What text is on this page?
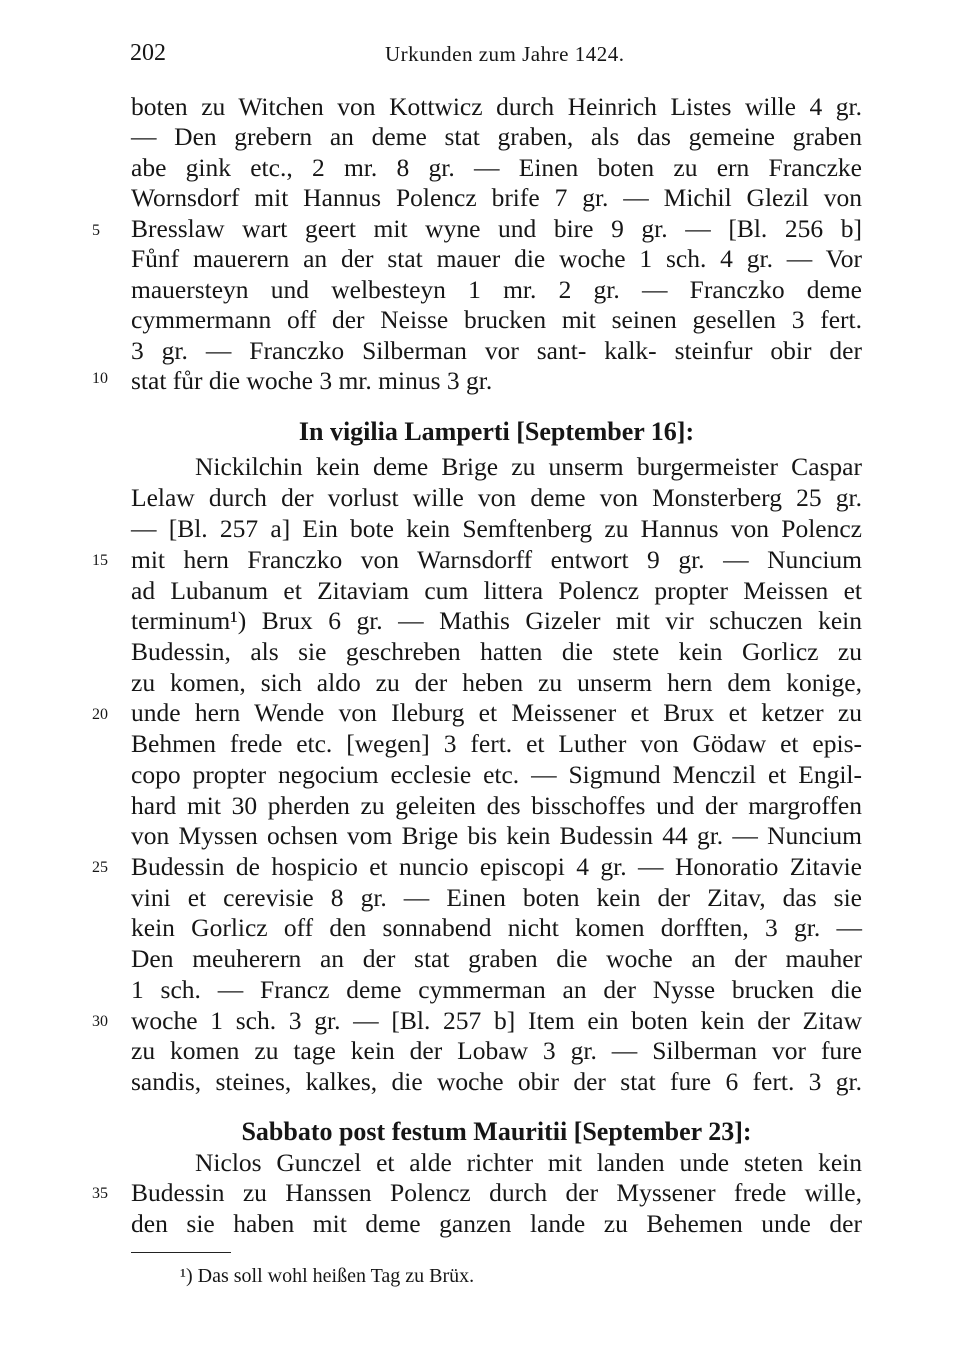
202	Urkunden zum Jahre 1424.
boten zu Witchen von Kottwicz durch Heinrich Listes wille 4 gr.
— Den grebern an deme stat graben, als das gemeine graben
abe gink etc., 2 mr. 8 gr. — Einen boten zu ern Franczke
Wornsdorf mit Hannus Polencz brife 7 gr. — Michil Glezil von
Bresslaw wart geert mit wyne und bire 9 gr. — [Bl. 256 b]
Fůnf mauerern an der stat mauer die woche 1 sch. 4 gr. — Vor
mauersteyn und welbesteyn 1 mr. 2 gr. — Franczko deme
cymmermann off der Neisse brucken mit seinen gesellen 3 fert.
3 gr. — Franczko Silberman vor sant- kalk- steinfur obir der
stat fůr die woche 3 mr. minus 3 gr.
In vigilia Lamperti [September 16]:
Nickilchin kein deme Brige zu unserm burgermeister Caspar
Lelaw durch der vorlust wille von deme von Monsterberg 25 gr.
— [Bl. 257 a] Ein bote kein Semftenberg zu Hannus von Polencz
mit hern Franczko von Warnsdorff entwort 9 gr. — Nuncium
ad Lubanum et Zitaviam cum littera Polencz propter Meissen et
terminum¹) Brux 6 gr. — Mathis Gizeler mit vir schuczen kein
Budessin, als sie geschreben hatten die stete kein Gorlicz zu
zu komen, sich aldo zu der heben zu unserm hern dem konige,
unde hern Wende von Ileburg et Meissener et Brux et ketzer zu
Behmen frede etc. [wegen] 3 fert. et Luther von Gödaw et epis-
copo propter negocium ecclesie etc. — Sigmund Menczil et Engil-
hard mit 30 pherden zu geleiten des bisschoffes und der margroffen
von Myssen ochsen vom Brige bis kein Budessin 44 gr. — Nuncium
Budessin de hospicio et nuncio episcopi 4 gr. — Honoratio Zitavie
vini et cerevisie 8 gr. — Einen boten kein der Zitav, das sie
kein Gorlicz off den sonnabend nicht komen dorfften, 3 gr. —
Den meuherern an der stat graben die woche an der mauher
1 sch. — Francz deme cymmerman an der Nysse brucken die
woche 1 sch. 3 gr. — [Bl. 257 b] Item ein boten kein der Zitaw
zu komen zu tage kein der Lobaw 3 gr. — Silberman vor fure
sandis, steines, kalkes, die woche obir der stat fure 6 fert. 3 gr.
Sabbato post festum Mauritii [September 23]:
Niclos Gunczel et alde richter mit landen unde steten kein
Budessin zu Hanssen Polencz durch der Myssener frede wille,
den sie haben mit deme ganzen lande zu Behemen unde der
5
10
15
20
25
30
35
¹) Das soll wohl heißen Tag zu Brüx.
